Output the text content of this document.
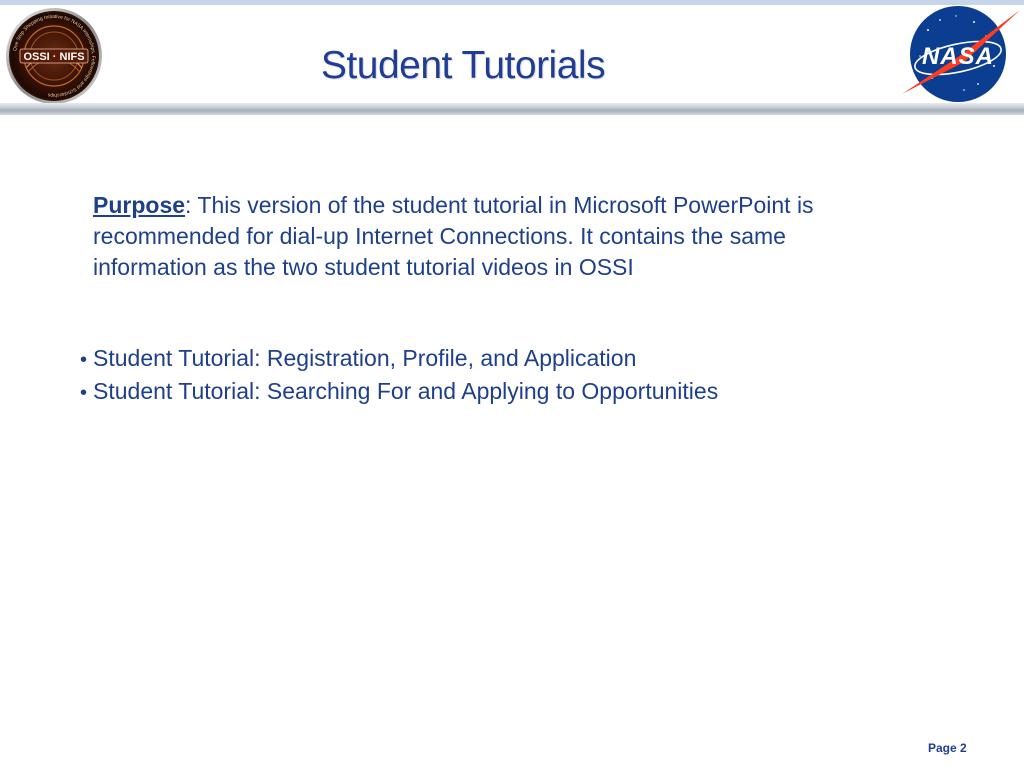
One Stop Shopping Initiative for NASA Internships, Fellowships and Scholarships
OSSI · NIFS	Student Tutorials	NASA
Purpose: This version of the student tutorial in Microsoft PowerPoint is recommended for dial-up Internet Connections. It contains the same information as the two student tutorial videos in OSSI
• Student Tutorial: Registration, Profile, and Application
• Student Tutorial: Searching For and Applying to Opportunities
Page 2
